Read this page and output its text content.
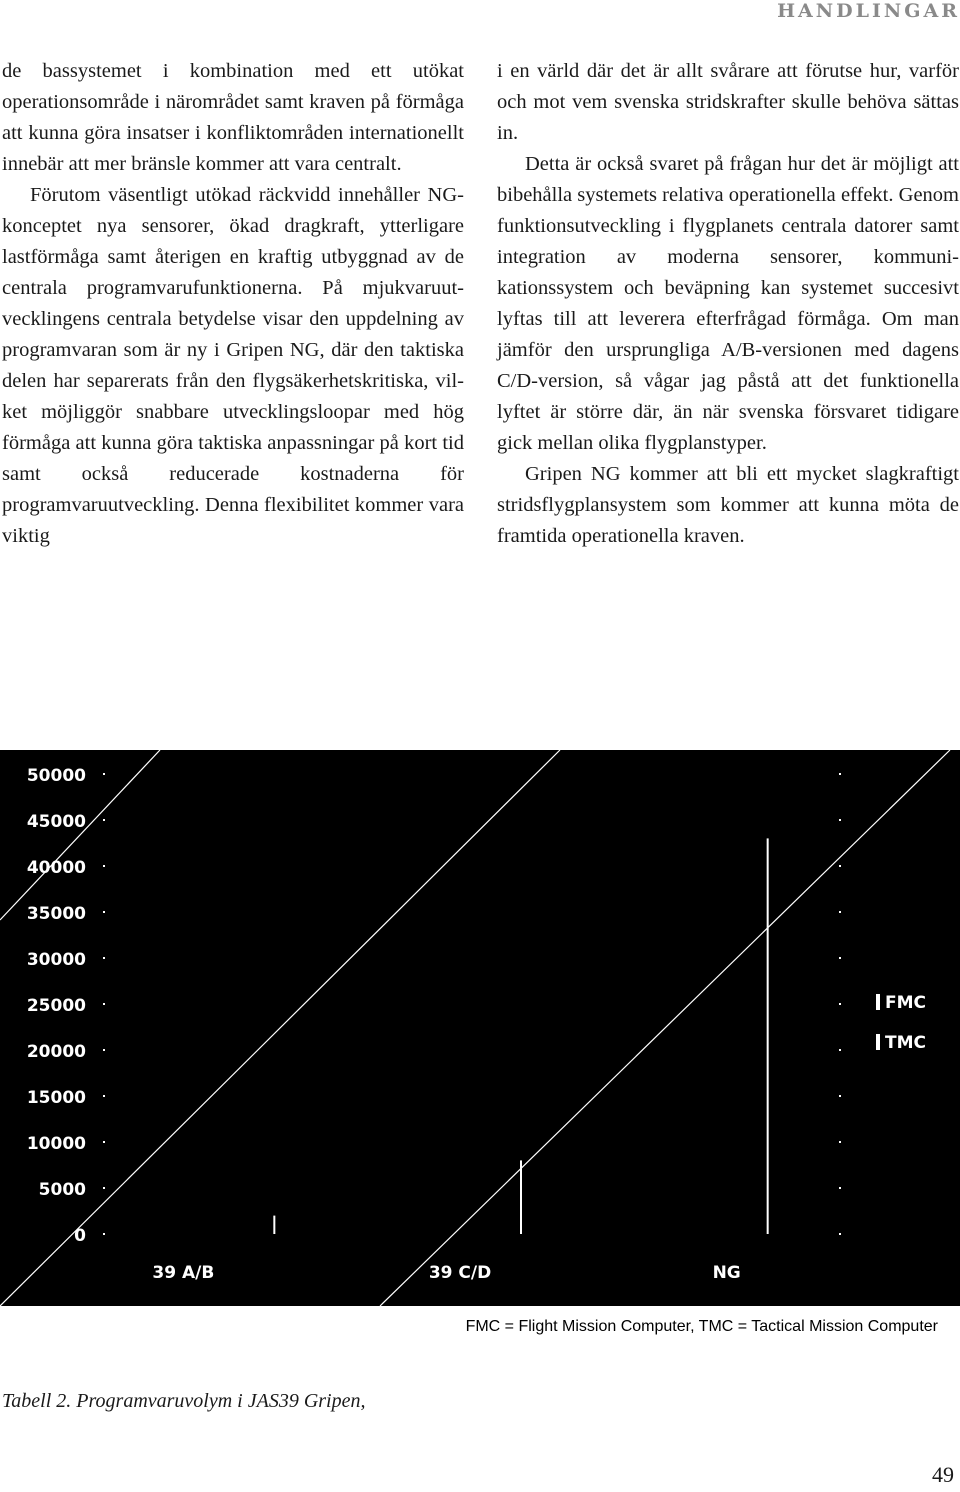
HANDLINGAR

de bassystemet i kombination med ett utökat operationsområde i närområdet samt kraven på förmåga att kunna göra insatser i konfliktområden internationellt innebär att mer bränsle kommer att vara centralt.

Förutom väsentligt utökad räckvidd innehåller NG-konceptet nya sensorer, ökad dragkraft, ytterligare lastförmåga samt återigen en kraftig utbyggnad av de centrala programvarufunktionerna. På mjukvaruutvecklingens centrala betydelse visar den uppdelning av programvaran som är ny i Gripen NG, där den taktiska delen har separerats från den flygsäkerhetskritiska, vilket möjliggör snabbare utvecklingsloopar med hög förmåga att kunna göra taktiska anpassningar på kort tid samt också reducerade kostnaderna för programvaruutveckling. Denna flexibilitet kommer vara viktig

i en värld där det är allt svårare att förutse hur, varför och mot vem svenska stridskrafter skulle behöva sättas in.

Detta är också svaret på frågan hur det är möjligt att bibehålla systemets relativa operationella effekt. Genom funktionsutveckling i flygplanets centrala datorer samt integration av moderna sensorer, kommunikationssystem och beväpning kan systemet succesivt lyftas till att leverera efterfrågad förmåga. Om man jämför den ursprungliga A/B-versionen med dagens C/D-version, så vågar jag påstå att det funktionella lyftet är större där, än när svenska försvaret tidigare gick mellan olika flygplanstyper.

Gripen NG kommer att bli ett mycket slagkraftigt stridsflygplansystem som kommer att kunna möta de framtida operationella kraven.

0
5000
10000
15000
20000
25000
30000
35000
40000
45000
50000
39 A/B	39 C/D	NG
FMC
TMC
FMC = Flight Mission Computer, TMC = Tactical Mission Computer
Tabell 2. Programvaruvolym i JAS39 Gripen,
49
